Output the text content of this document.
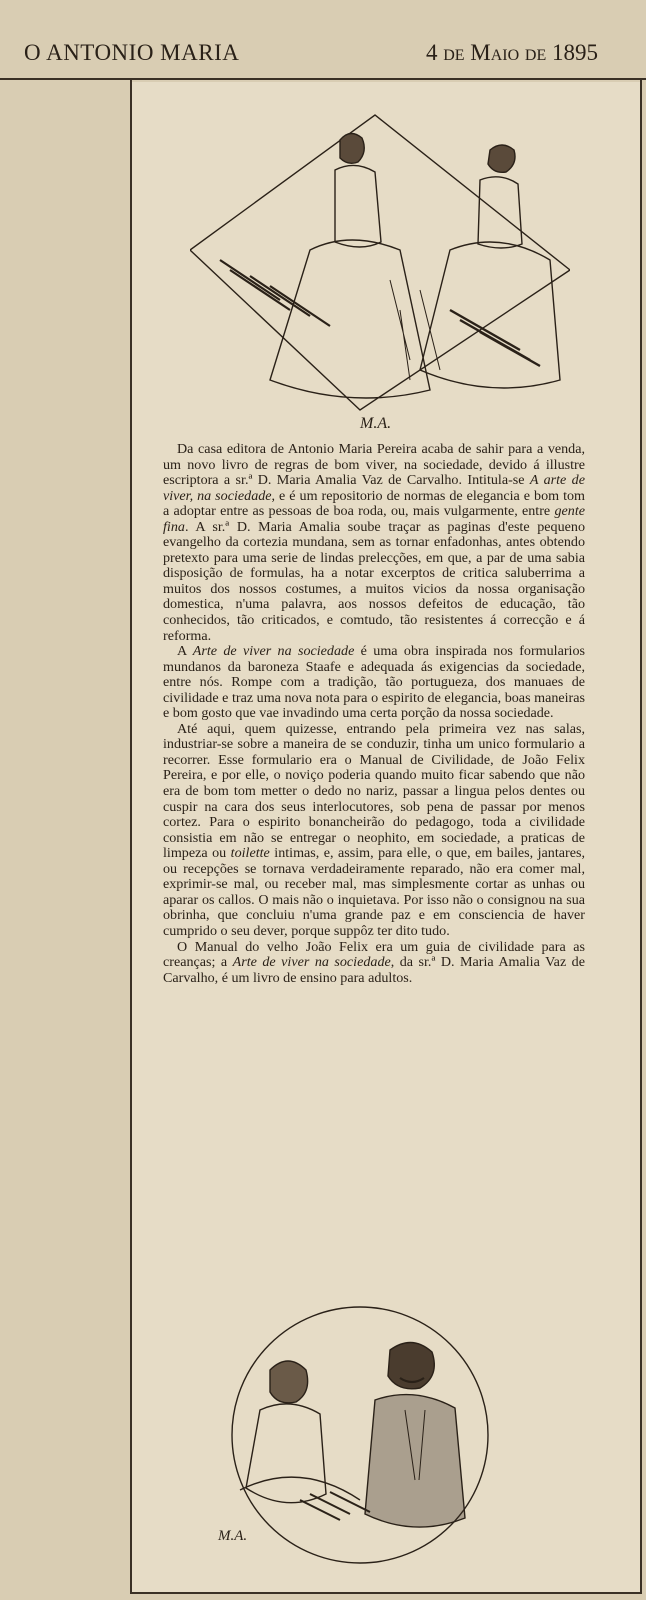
O ANTONIO MARIA	4 de Maio de 1895
M.A.

Da casa editora de Antonio Maria Pereira acaba de sahir para a venda, um novo livro de regras de bom viver, na sociedade, devido á illustre escriptora a sr.ª D. Maria Amalia Vaz de Carvalho. Intitula-se A arte de viver, na sociedade, e é um repositorio de normas de elegancia e bom tom a adoptar entre as pessoas de boa roda, ou, mais vulgarmente, entre gente fina. A sr.ª D. Maria Amalia soube traçar as paginas d'este pequeno evangelho da cortezia mundana, sem as tornar enfadonhas, antes obtendo pretexto para uma serie de lindas prelecções, em que, a par de uma sabia disposição de formulas, ha a notar excerptos de critica saluberrima a muitos dos nossos costumes, a muitos vicios da nossa organisação domestica, n'uma palavra, aos nossos defeitos de educação, tão conhecidos, tão criticados, e comtudo, tão resistentes á correcção e á reforma.

A Arte de viver na sociedade é uma obra inspirada nos formularios mundanos da baroneza Staafe e adequada ás exigencias da sociedade, entre nós. Rompe com a tradição, tão portugueza, dos manuaes de civilidade e traz uma nova nota para o espirito de elegancia, boas maneiras e bom gosto que vae invadindo uma certa porção da nossa sociedade.

Até aqui, quem quizesse, entrando pela primeira vez nas salas, industriar-se sobre a maneira de se conduzir, tinha um unico formulario a recorrer. Esse formulario era o Manual de Civilidade, de João Felix Pereira, e por elle, o noviço poderia quando muito ficar sabendo que não era de bom tom metter o dedo no nariz, passar a lingua pelos dentes ou cuspir na cara dos seus interlocutores, sob pena de passar por menos cortez. Para o espirito bonancheirão do pedagogo, toda a civilidade consistia em não se entregar o neophito, em sociedade, a praticas de limpeza ou toilette intimas, e, assim, para elle, o que, em bailes, jantares, ou recepções se tornava verdadeiramente reparado, não era comer mal, exprimir-se mal, ou receber mal, mas simplesmente cortar as unhas ou aparar os callos. O mais não o inquietava. Por isso não o consignou na sua obrinha, que concluiu n'uma grande paz e em consciencia de haver cumprido o seu dever, porque suppôz ter dito tudo.

O Manual do velho João Felix era um guia de civilidade para as creanças; a Arte de viver na sociedade, da sr.ª D. Maria Amalia Vaz de Carvalho, é um livro de ensino para adultos.

M.A.
